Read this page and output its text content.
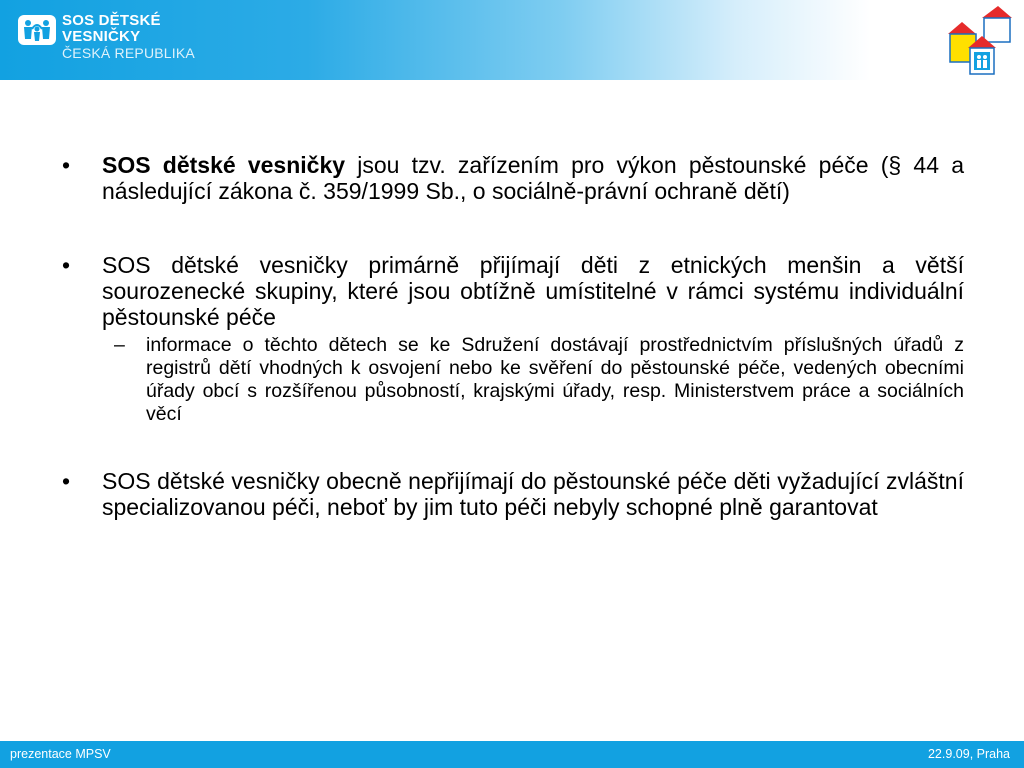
SOS DĚTSKÉ
VESNIČKY
ČESKÁ REPUBLIKA
• SOS dětské vesničky jsou tzv. zařízením pro výkon pěstounské péče (§ 44 a následující zákona č. 359/1999 Sb., o sociálně-právní ochraně dětí)
• SOS dětské vesničky primárně přijímají děti z etnických menšin a větší sourozenecké skupiny, které jsou obtížně umístitelné v rámci systému individuální pěstounské péče
– informace o těchto dětech se ke Sdružení dostávají prostřednictvím příslušných úřadů z registrů dětí vhodných k osvojení nebo ke svěření do pěstounské péče, vedených obecními úřady obcí s rozšířenou působností, krajskými úřady, resp. Ministerstvem práce a sociálních věcí
• SOS dětské vesničky obecně nepřijímají do pěstounské péče děti vyžadující zvláštní specializovanou péči, neboť by jim tuto péči nebyly schopné plně garantovat
prezentace MPSV	22.9.09, Praha
